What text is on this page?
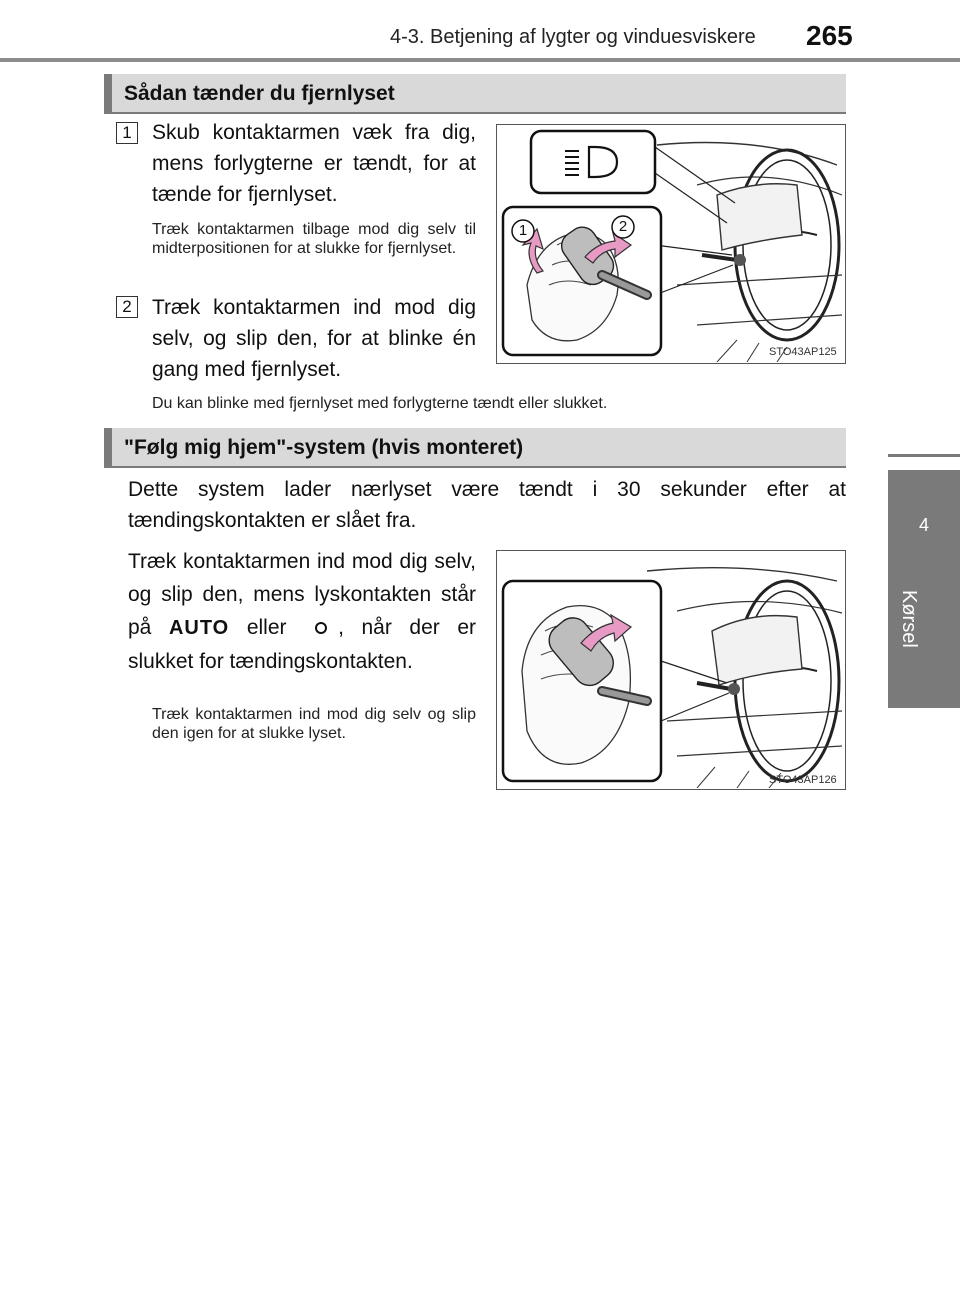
4-3. Betjening af lygter og vinduesviskere 265
4
Kørsel
Sådan tænder du fjernlyset
1 Skub kontaktarmen væk fra dig, mens forlygterne er tændt, for at tænde for fjernlyset.
Træk kontaktarmen tilbage mod dig selv til midterpositionen for at slukke for fjernlyset.
2 Træk kontaktarmen ind mod dig selv, og slip den, for at blinke én gang med fjernlyset.
Du kan blinke med fjernlyset med forlygterne tændt eller slukket.
1	2
STO43AP125
"Følg mig hjem"-system (hvis monteret)
Dette system lader nærlyset være tændt i 30 sekunder efter at tændingskontakten er slået fra.
Træk kontaktarmen ind mod dig selv, og slip den, mens lyskontakten står på AUTO eller , når der er slukket for tændingskontakten.
Træk kontaktarmen ind mod dig selv og slip den igen for at slukke lyset.
STO43AP126
